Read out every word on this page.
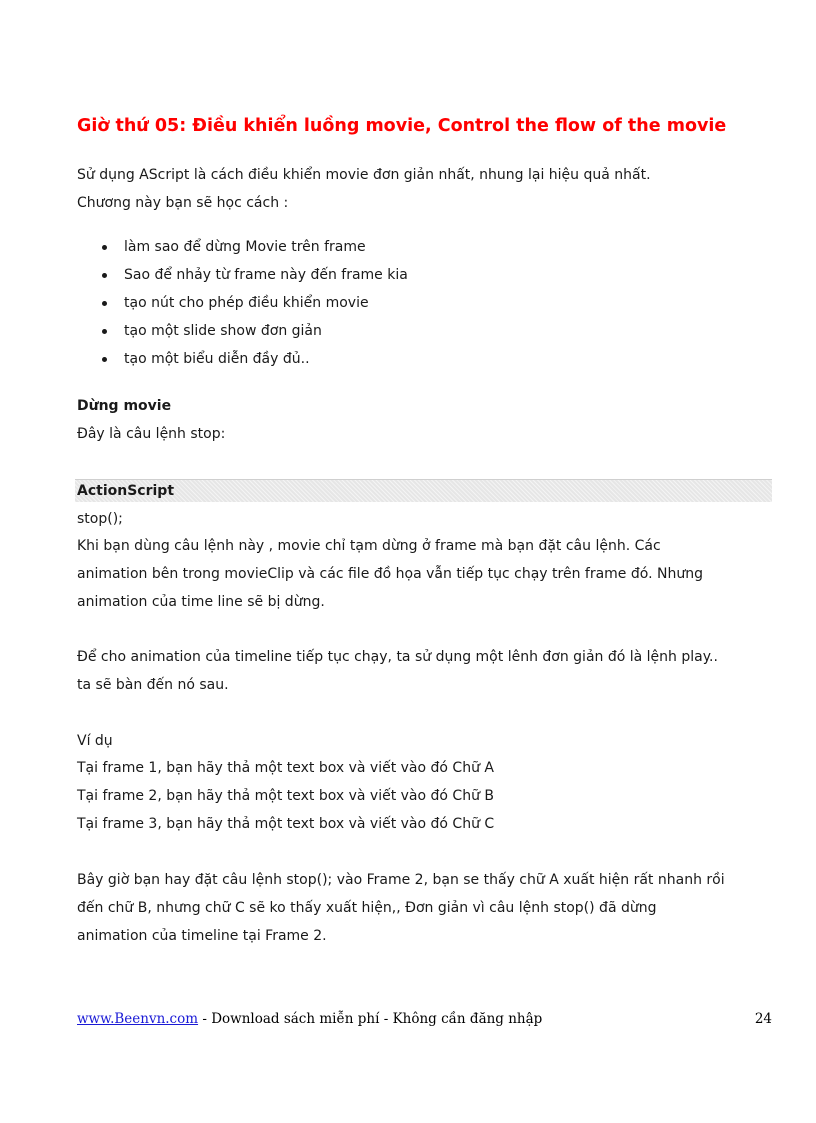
Giờ thứ 05: Điều khiển luồng movie, Control the flow of the movie
Sử dụng AScript là cách điều khiển movie đơn giản nhất, nhung lại hiệu quả nhất.
Chương này bạn sẽ học cách :
làm sao để dừng Movie trên frame
Sao để nhảy từ frame này đến frame kia
tạo nút cho phép điều khiển movie
tạo một slide show đơn giản
tạo một biểu diễn đầy đủ..
Dừng movie
Đây là câu lệnh stop:
ActionScript
stop();
Khi bạn dùng câu lệnh này , movie chỉ tạm dừng ở frame mà bạn đặt câu lệnh. Các
animation bên trong movieClip và các file đồ họa vẫn tiếp tục chạy trên frame đó. Nhưng
animation của time line sẽ bị dừng.
Để cho animation của timeline tiếp tục chạy, ta sử dụng một lênh đơn giản đó là lệnh play..
ta sẽ bàn đến nó sau.
Ví dụ
Tại frame 1, bạn hãy thả một text box và viết vào đó Chữ A
Tại frame 2, bạn hãy thả một text box và viết vào đó Chữ B
Tại frame 3, bạn hãy thả một text box và viết vào đó Chữ C
Bây giờ bạn hay đặt câu lệnh stop(); vào Frame 2, bạn se thấy chữ A xuất hiện rất nhanh rồi
đến chữ B, nhưng chữ C sẽ ko thấy xuất hiện,, Đơn giản vì câu lệnh stop() đã dừng
animation của timeline tại Frame 2.
www.Beenvn.com - Download sách miễn phí - Không cần đăng nhập	24
